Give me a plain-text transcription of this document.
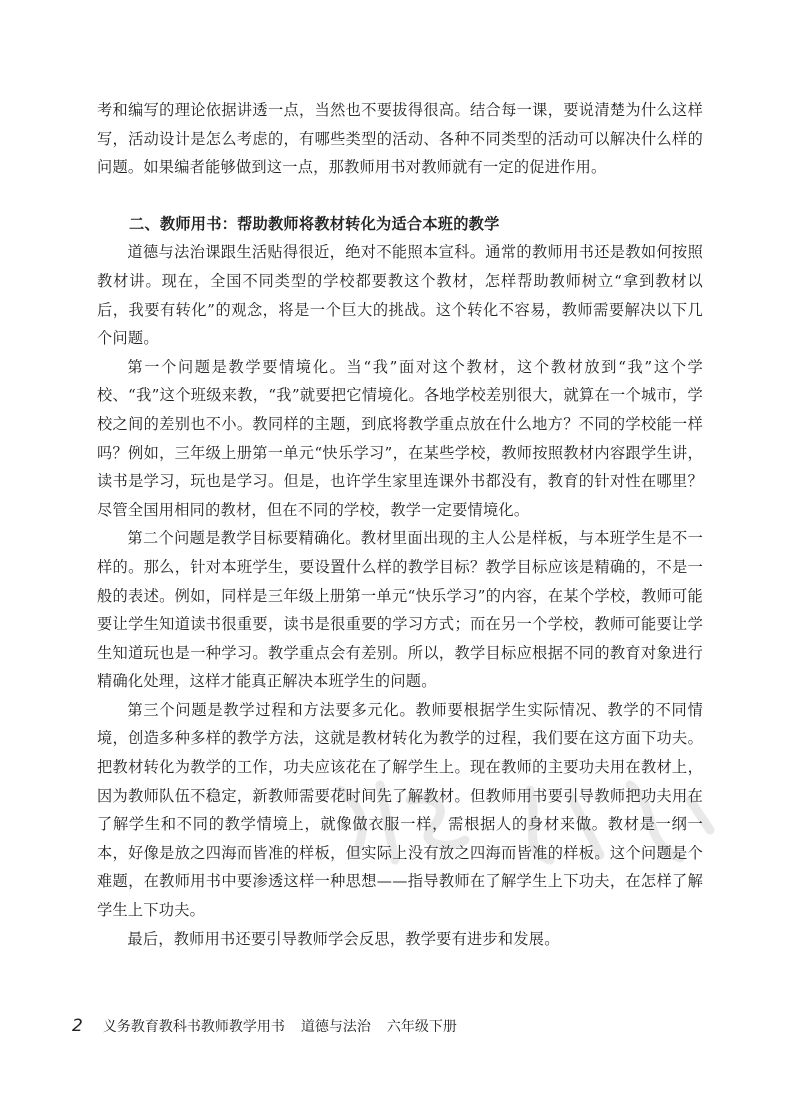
考和编写的理论依据讲透一点，当然也不要拔得很高。结合每一课，要说清楚为什么这样写，活动设计是怎么考虑的，有哪些类型的活动、各种不同类型的活动可以解决什么样的问题。如果编者能够做到这一点，那教师用书对教师就有一定的促进作用。

二、教师用书：帮助教师将教材转化为适合本班的教学

道德与法治课跟生活贴得很近，绝对不能照本宣科。通常的教师用书还是教如何按照教材讲。现在，全国不同类型的学校都要教这个教材，怎样帮助教师树立“拿到教材以后，我要有转化”的观念，将是一个巨大的挑战。这个转化不容易，教师需要解决以下几个问题。

第一个问题是教学要情境化。当“我”面对这个教材，这个教材放到“我”这个学校、“我”这个班级来教，“我”就要把它情境化。各地学校差别很大，就算在一个城市，学校之间的差别也不小。教同样的主题，到底将教学重点放在什么地方？不同的学校能一样吗？例如，三年级上册第一单元“快乐学习”，在某些学校，教师按照教材内容跟学生讲，读书是学习，玩也是学习。但是，也许学生家里连课外书都没有，教育的针对性在哪里？尽管全国用相同的教材，但在不同的学校，教学一定要情境化。

第二个问题是教学目标要精确化。教材里面出现的主人公是样板，与本班学生是不一样的。那么，针对本班学生，要设置什么样的教学目标？教学目标应该是精确的，不是一般的表述。例如，同样是三年级上册第一单元“快乐学习”的内容，在某个学校，教师可能要让学生知道读书很重要，读书是很重要的学习方式；而在另一个学校，教师可能要让学生知道玩也是一种学习。教学重点会有差别。所以，教学目标应根据不同的教育对象进行精确化处理，这样才能真正解决本班学生的问题。

第三个问题是教学过程和方法要多元化。教师要根据学生实际情况、教学的不同情境，创造多种多样的教学方法，这就是教材转化为教学的过程，我们要在这方面下功夫。把教材转化为教学的工作，功夫应该花在了解学生上。现在教师的主要功夫用在教材上，因为教师队伍不稳定，新教师需要花时间先了解教材。但教师用书要引导教师把功夫用在了解学生和不同的教学情境上，就像做衣服一样，需根据人的身材来做。教材是一纲一本，好像是放之四海而皆准的样板，但实际上没有放之四海而皆准的样板。这个问题是个难题，在教师用书中要渗透这样一种思想——指导教师在了解学生上下功夫，在怎样了解学生上下功夫。

最后，教师用书还要引导教师学会反思，教学要有进步和发展。

2 义务教育教科书教师教学用书 道德与法治 六年级下册
